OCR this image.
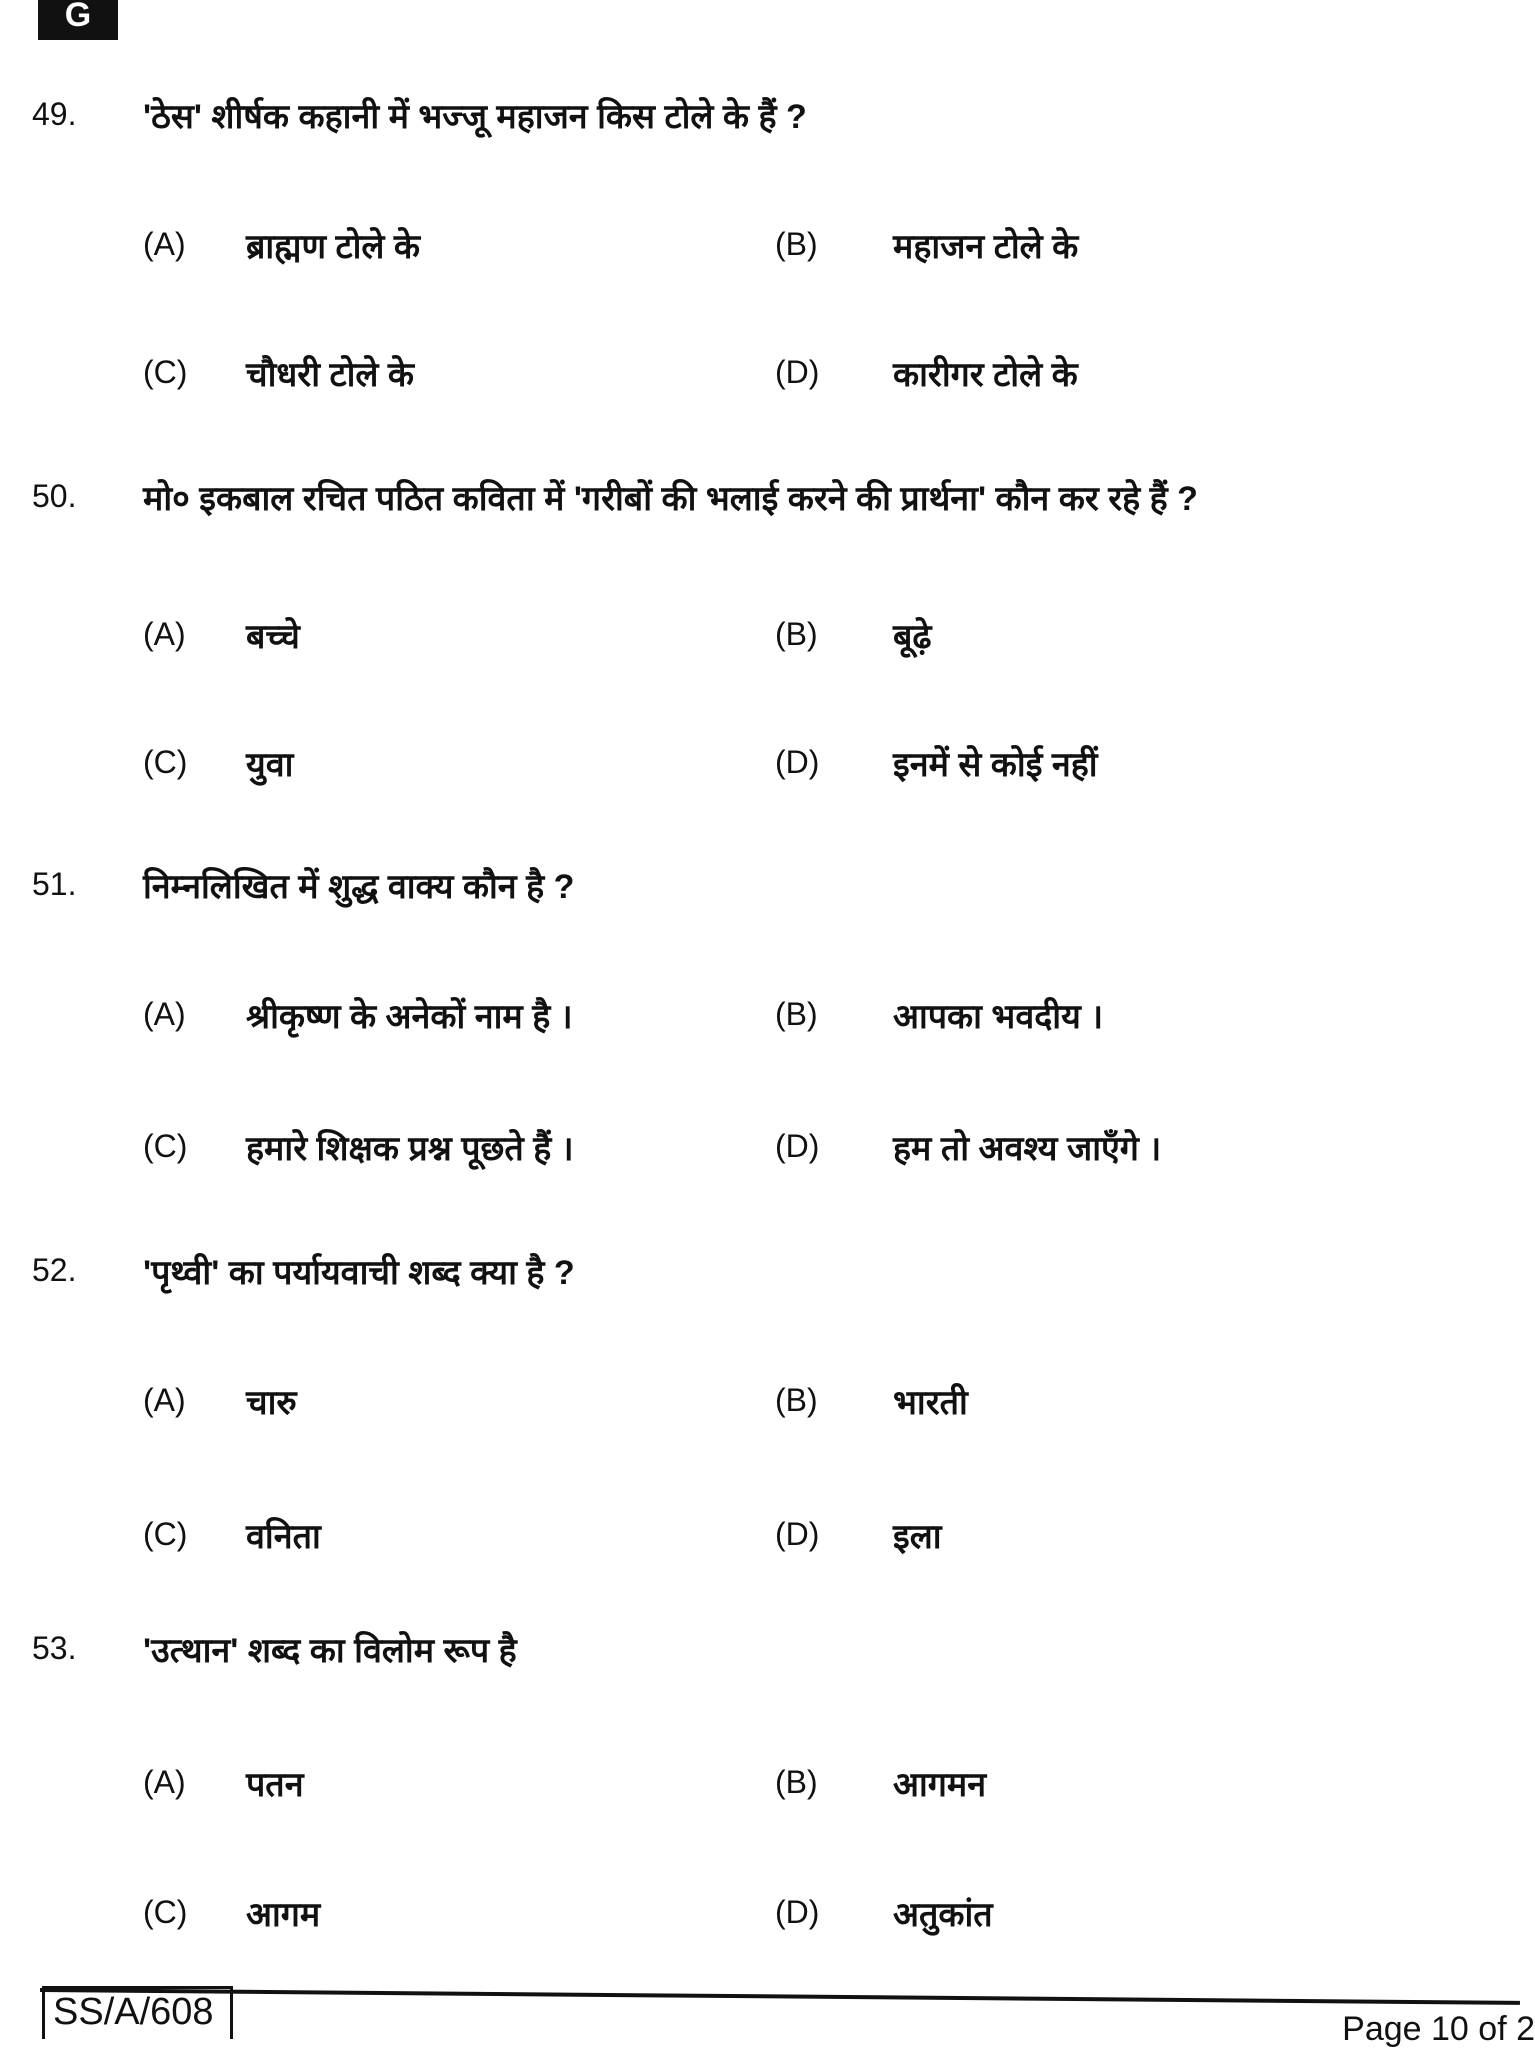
G
49. 'ठेस' शीर्षक कहानी में भज्जू महाजन किस टोले के हैं ?
(A) ब्राह्मण टोले के	(B) महाजन टोले के
(C) चौधरी टोले के	(D) कारीगर टोले के
50. मो० इकबाल रचित पठित कविता में 'गरीबों की भलाई करने की प्रार्थना' कौन कर रहे हैं ?
(A) बच्चे	(B) बूढ़े
(C) युवा	(D) इनमें से कोई नहीं
51. निम्नलिखित में शुद्ध वाक्य कौन है ?
(A) श्रीकृष्ण के अनेकों नाम है ।	(B) आपका भवदीय ।
(C) हमारे शिक्षक प्रश्न पूछते हैं ।	(D) हम तो अवश्य जाएँगे ।
52. 'पृथ्वी' का पर्यायवाची शब्द क्या है ?
(A) चारु	(B) भारती
(C) वनिता	(D) इला
53. 'उत्थान' शब्द का विलोम रूप है
(A) पतन	(B) आगमन
(C) आगम	(D) अतुकांत
SS/A/608	Page 10 of 2
